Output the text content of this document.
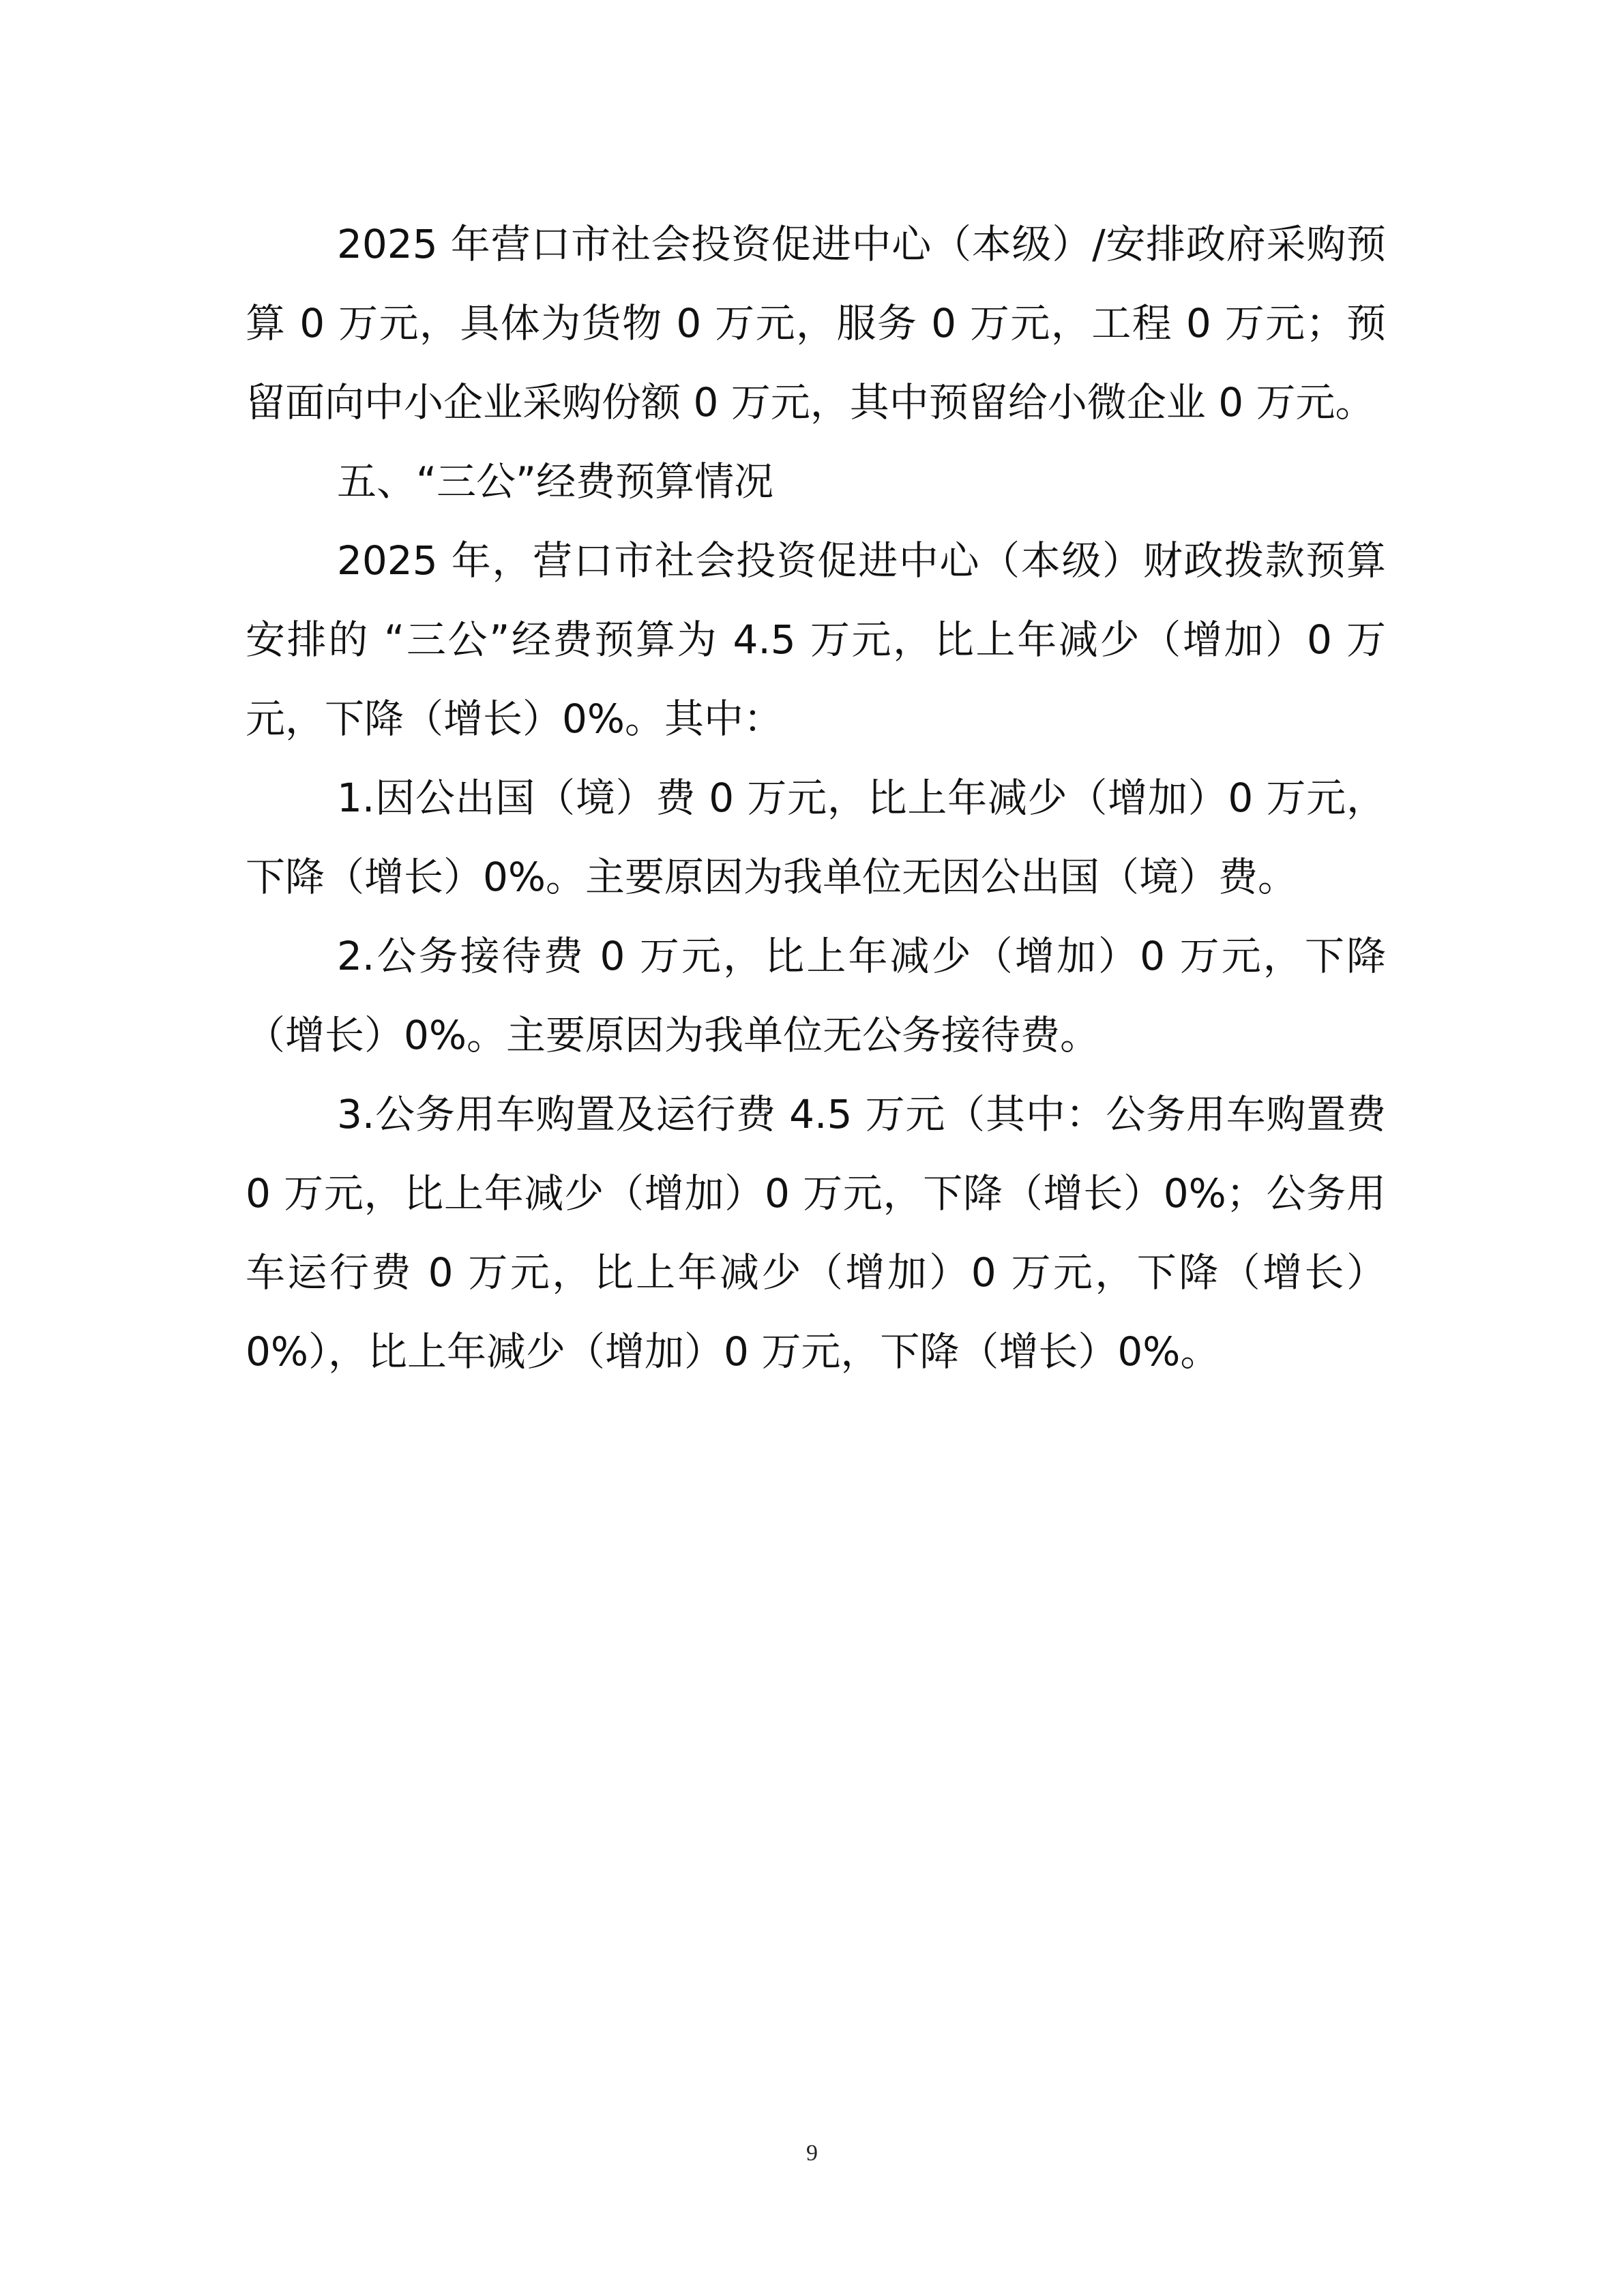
2025 年营口市社会投资促进中心（本级）/安排政府采购预算 0 万元，具体为货物 0 万元，服务 0 万元，工程 0 万元；预留面向中小企业采购份额 0 万元，其中预留给小微企业 0 万元。

五、“三公”经费预算情况

2025 年，营口市社会投资促进中心（本级）财政拨款预算安排的 “三公”经费预算为 4.5 万元，比上年减少（增加）0 万元，下降（增长）0%。其中：

1.因公出国（境）费 0 万元，比上年减少（增加）0 万元，下降（增长）0%。主要原因为我单位无因公出国（境）费。

2.公务接待费 0 万元，比上年减少（增加）0 万元，下降（增长）0%。主要原因为我单位无公务接待费。

3.公务用车购置及运行费 4.5 万元（其中：公务用车购置费 0 万元，比上年减少（增加）0 万元，下降（增长）0%；公务用车运行费 0 万元，比上年减少（增加）0 万元，下降（增长）0%），比上年减少（增加）0 万元，下降（增长）0%。

9
